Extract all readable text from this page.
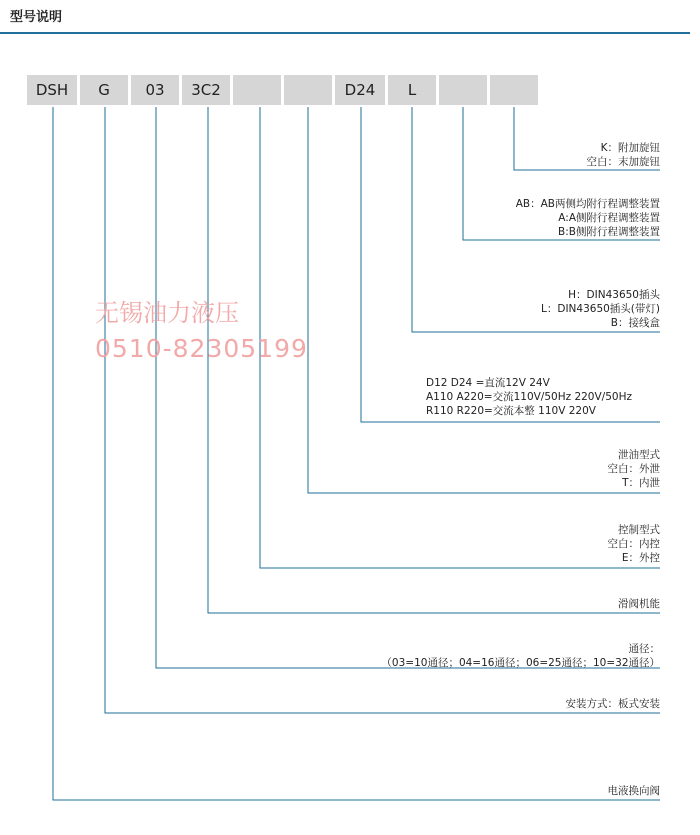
型号说明
DSH	G	03	3C2	D24	L
K：附加旋钮
空白：末加旋钮
AB：AB两侧均附行程调整装置
A:A侧附行程调整装置
B:B侧附行程调整装置
H：DIN43650插头
L：DIN43650插头(带灯)
B：接线盒
D12 D24 =直流12V 24V
A110 A220=交流110V/50Hz 220V/50Hz
R110 R220=交流本整 110V 220V
泄油型式
空白：外泄
T：内泄
控制型式
空白：内控
E：外控
滑阀机能
通径：
（03=10通径；04=16通径；06=25通径；10=32通径）
安装方式：板式安装
电液换向阀
无锡油力液压
0510-82305199
